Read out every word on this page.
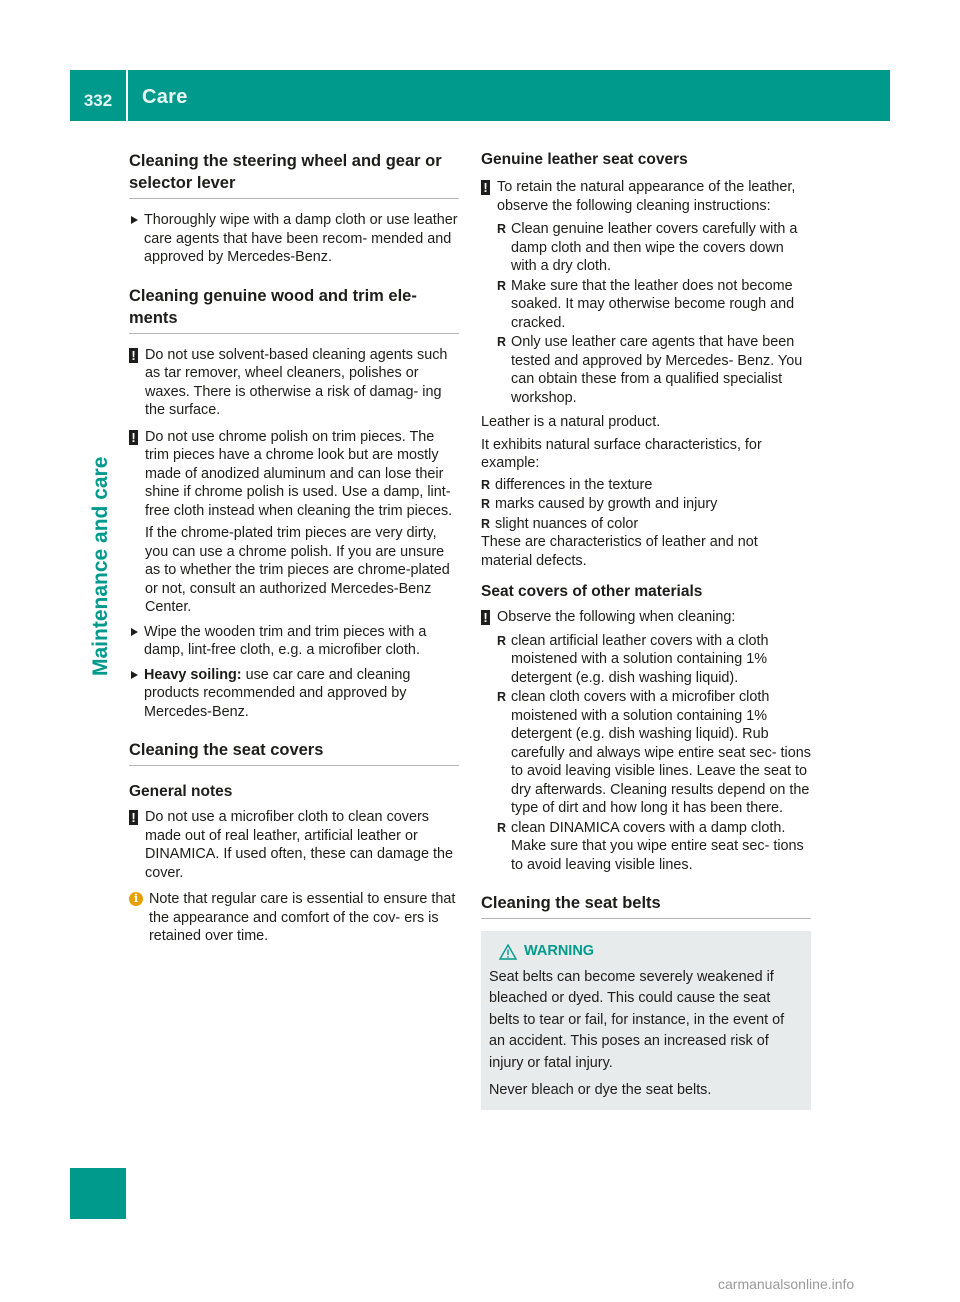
332	Care
Maintenance and care
Cleaning the steering wheel and gear or selector lever

Thoroughly wipe with a damp cloth or use leather care agents that have been recom- mended and approved by Mercedes-Benz.

Cleaning genuine wood and trim ele- ments
! Do not use solvent-based cleaning agents such as tar remover, wheel cleaners, polishes or waxes. There is otherwise a risk of damag- ing the surface.

! Do not use chrome polish on trim pieces. The trim pieces have a chrome look but are mostly made of anodized aluminum and can lose their shine if chrome polish is used. Use a damp, lint-free cloth instead when cleaning the trim pieces.

If the chrome-plated trim pieces are very dirty, you can use a chrome polish. If you are unsure as to whether the trim pieces are chrome-plated or not, consult an authorized Mercedes-Benz Center.

Wipe the wooden trim and trim pieces with a damp, lint-free cloth, e.g. a microfiber cloth.

Heavy soiling: use car care and cleaning products recommended and approved by Mercedes-Benz.

Cleaning the seat covers
General notes
! Do not use a microfiber cloth to clean covers made out of real leather, artificial leather or DINAMICA. If used often, these can damage the cover.

i Note that regular care is essential to ensure that the appearance and comfort of the cov- ers is retained over time.

Genuine leather seat covers
! To retain the natural appearance of the leather, observe the following cleaning instructions:

R Clean genuine leather covers carefully with a damp cloth and then wipe the covers down with a dry cloth.

R Make sure that the leather does not become soaked. It may otherwise become rough and cracked.

R Only use leather care agents that have been tested and approved by Mercedes- Benz. You can obtain these from a qualified specialist workshop.

Leather is a natural product.

It exhibits natural surface characteristics, for example:

R differences in the texture

R marks caused by growth and injury

R slight nuances of color

These are characteristics of leather and not material defects.

Seat covers of other materials
! Observe the following when cleaning:

R clean artificial leather covers with a cloth moistened with a solution containing 1% detergent (e.g. dish washing liquid).

R clean cloth covers with a microfiber cloth moistened with a solution containing 1% detergent (e.g. dish washing liquid). Rub carefully and always wipe entire seat sec- tions to avoid leaving visible lines. Leave the seat to dry afterwards. Cleaning results depend on the type of dirt and how long it has been there.

R clean DINAMICA covers with a damp cloth. Make sure that you wipe entire seat sec- tions to avoid leaving visible lines.

Cleaning the seat belts
WARNING

Seat belts can become severely weakened if bleached or dyed. This could cause the seat belts to tear or fail, for instance, in the event of an accident. This poses an increased risk of injury or fatal injury.

Never bleach or dye the seat belts.

carmanualsonline.info
